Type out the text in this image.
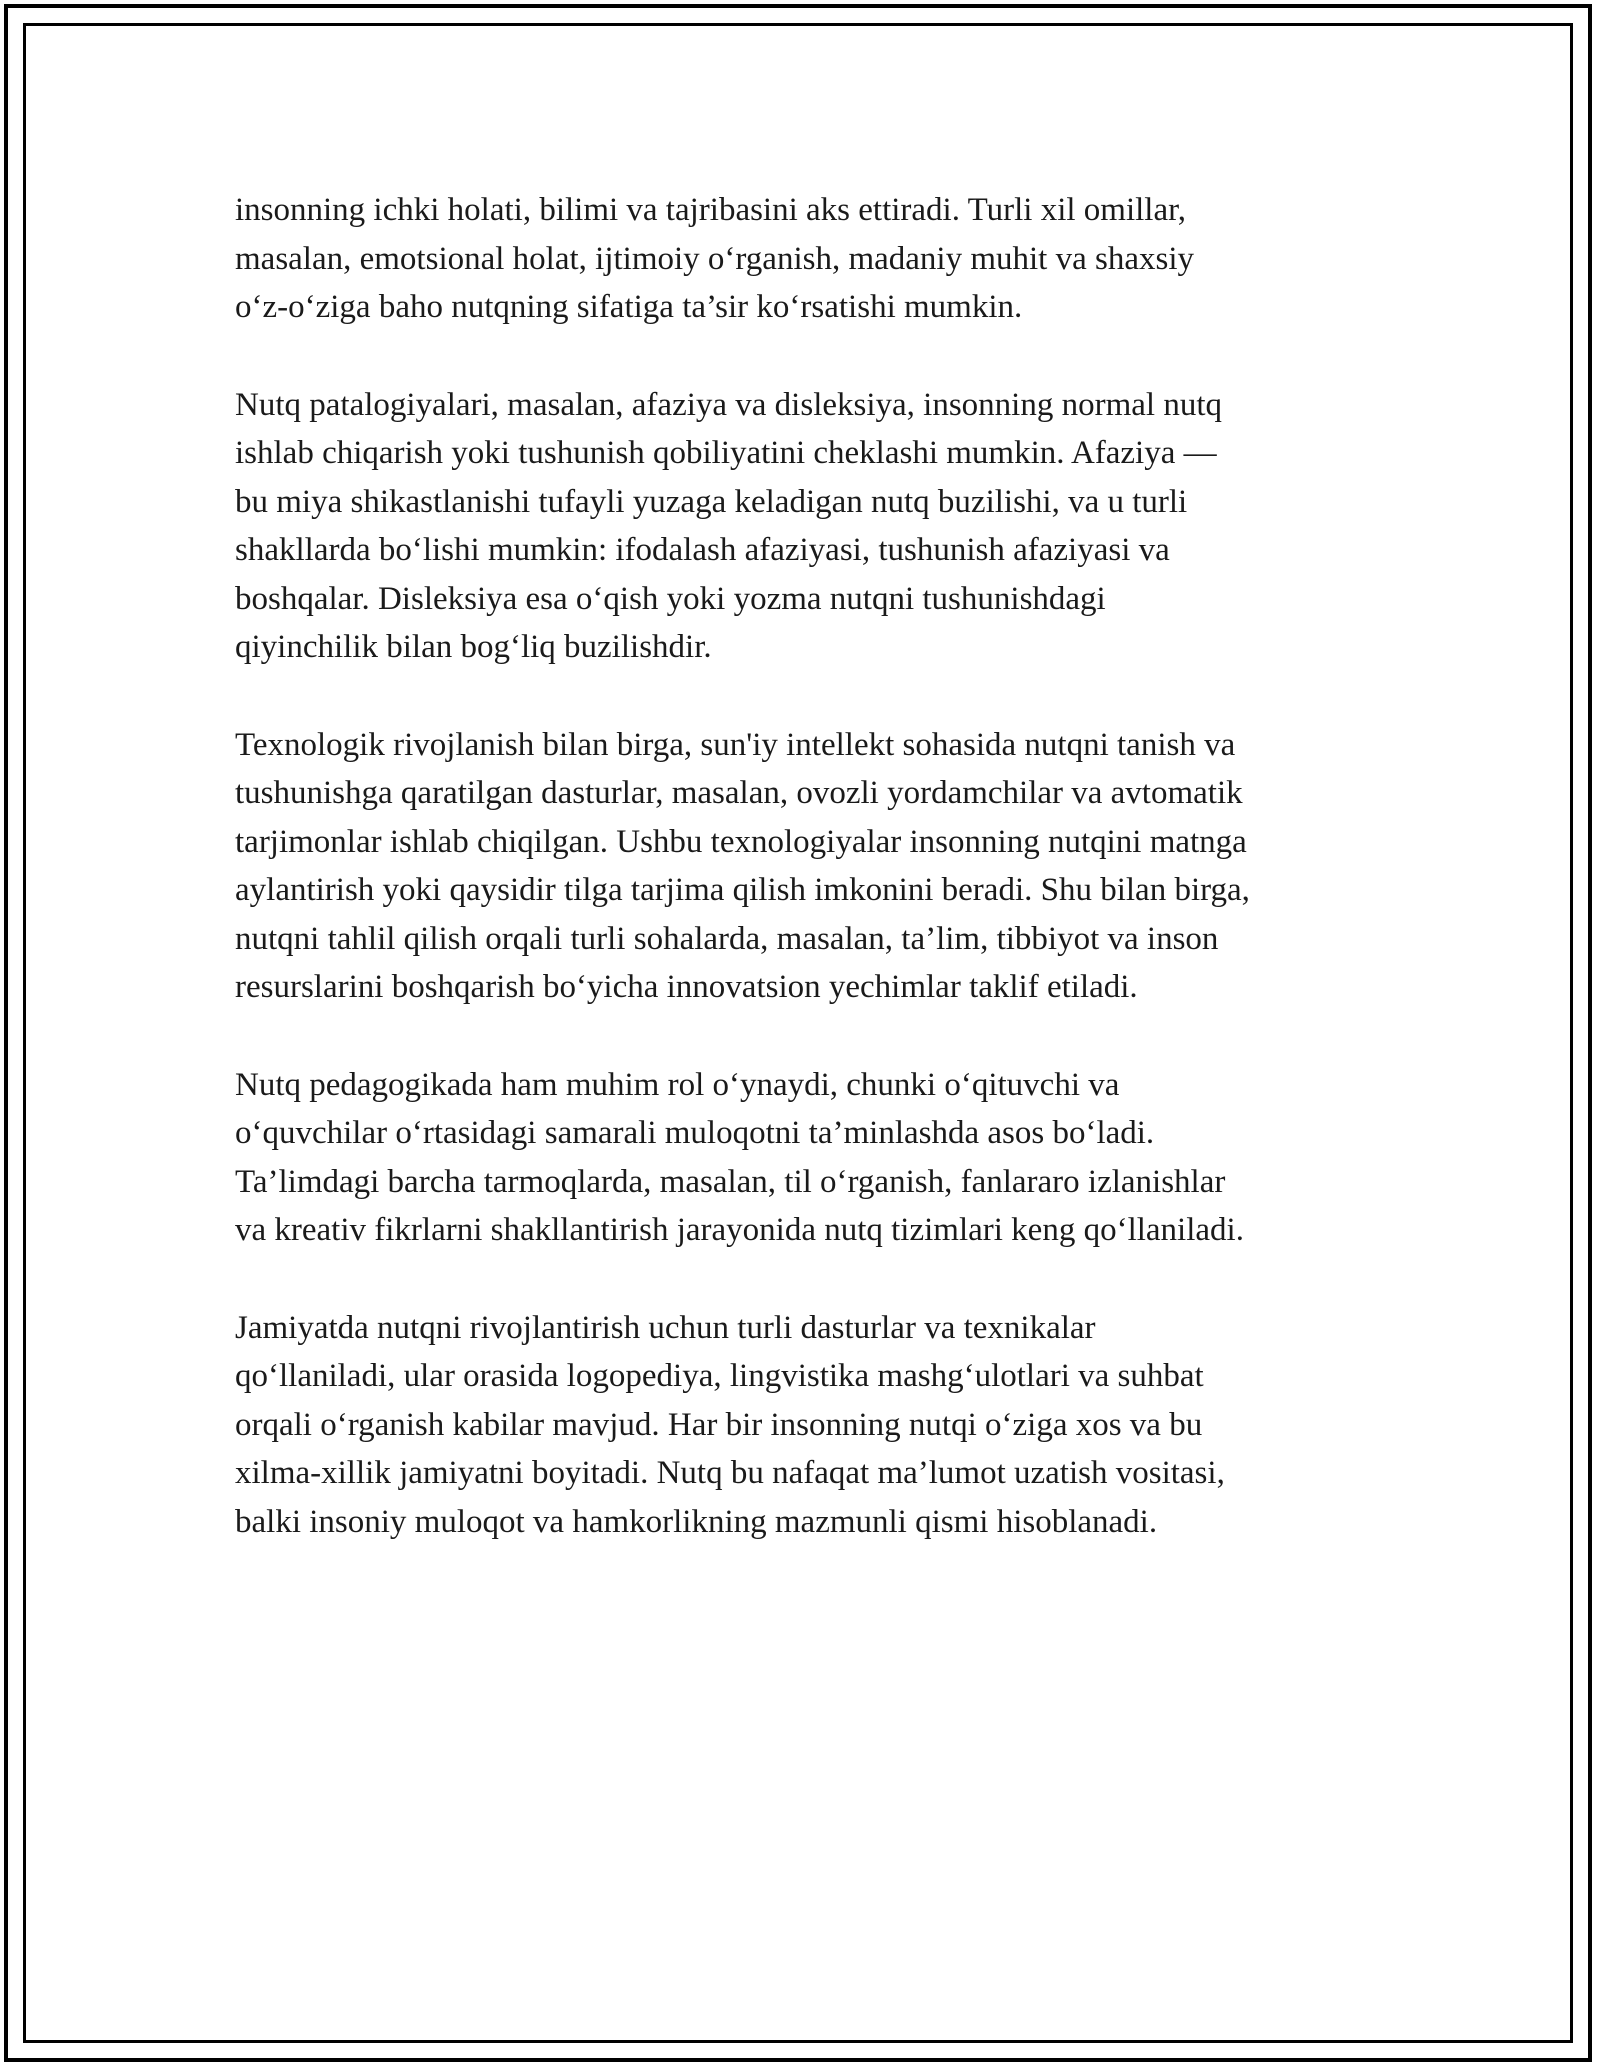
insonning ichki holati, bilimi va tajribasini aks ettiradi. Turli xil omillar,
masalan, emotsional holat, ijtimoiy o‘rganish, madaniy muhit va shaxsiy
o‘z-o‘ziga baho nutqning sifatiga ta’sir ko‘rsatishi mumkin.

Nutq patalogiyalari, masalan, afaziya va disleksiya, insonning normal nutq
ishlab chiqarish yoki tushunish qobiliyatini cheklashi mumkin. Afaziya —
bu miya shikastlanishi tufayli yuzaga keladigan nutq buzilishi, va u turli
shakllarda bo‘lishi mumkin: ifodalash afaziyasi, tushunish afaziyasi va
boshqalar. Disleksiya esa o‘qish yoki yozma nutqni tushunishdagi
qiyinchilik bilan bog‘liq buzilishdir.

Texnologik rivojlanish bilan birga, sun'iy intellekt sohasida nutqni tanish va
tushunishga qaratilgan dasturlar, masalan, ovozli yordamchilar va avtomatik
tarjimonlar ishlab chiqilgan. Ushbu texnologiyalar insonning nutqini matnga
aylantirish yoki qaysidir tilga tarjima qilish imkonini beradi. Shu bilan birga,
nutqni tahlil qilish orqali turli sohalarda, masalan, ta’lim, tibbiyot va inson
resurslarini boshqarish bo‘yicha innovatsion yechimlar taklif etiladi.

Nutq pedagogikada ham muhim rol o‘ynaydi, chunki o‘qituvchi va
o‘quvchilar o‘rtasidagi samarali muloqotni ta’minlashda asos bo‘ladi.
Ta’limdagi barcha tarmoqlarda, masalan, til o‘rganish, fanlararo izlanishlar
va kreativ fikrlarni shakllantirish jarayonida nutq tizimlari keng qo‘llaniladi.

Jamiyatda nutqni rivojlantirish uchun turli dasturlar va texnikalar
qo‘llaniladi, ular orasida logopediya, lingvistika mashg‘ulotlari va suhbat
orqali o‘rganish kabilar mavjud. Har bir insonning nutqi o‘ziga xos va bu
xilma-xillik jamiyatni boyitadi. Nutq bu nafaqat ma’lumot uzatish vositasi,
balki insoniy muloqot va hamkorlikning mazmunli qismi hisoblanadi.
